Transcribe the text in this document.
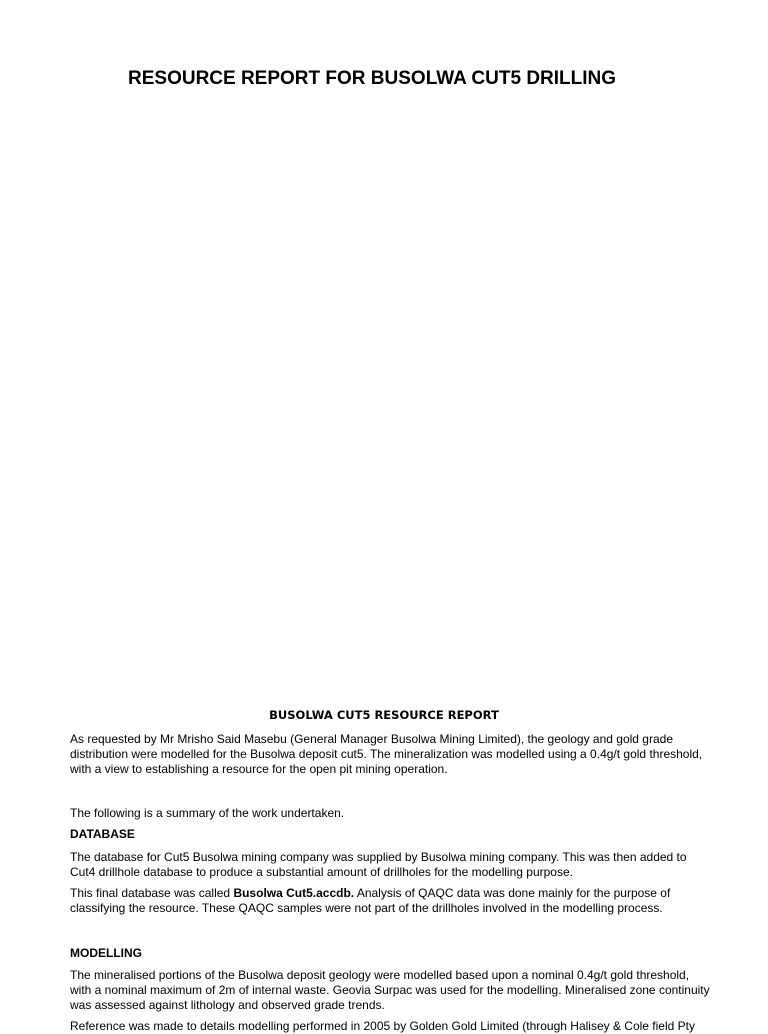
RESOURCE REPORT FOR BUSOLWA CUT5 DRILLING
BUSOLWA CUT5 RESOURCE REPORT

As requested by Mr Mrisho Said Masebu (General Manager Busolwa Mining Limited), the geology and gold grade distribution were modelled for the Busolwa deposit cut5. The mineralization was modelled using a 0.4g/t gold threshold, with a view to establishing a resource for the open pit mining operation.

The following is a summary of the work undertaken.

DATABASE

The database for Cut5 Busolwa mining company was supplied by Busolwa mining company. This was then added to Cut4 drillhole database to produce a substantial amount of drillholes for the modelling purpose.

This final database was called Busolwa Cut5.accdb. Analysis of QAQC data was done mainly for the purpose of classifying the resource. These QAQC samples were not part of the drillholes involved in the modelling process.

MODELLING

The mineralised portions of the Busolwa deposit geology were modelled based upon a nominal 0.4g/t gold threshold, with a nominal maximum of 2m of internal waste. Geovia Surpac was used for the modelling. Mineralised zone continuity was assessed against lithology and observed grade trends.

Reference was made to details modelling performed in 2005 by Golden Gold Limited (through Halisey & Cole field Pty
